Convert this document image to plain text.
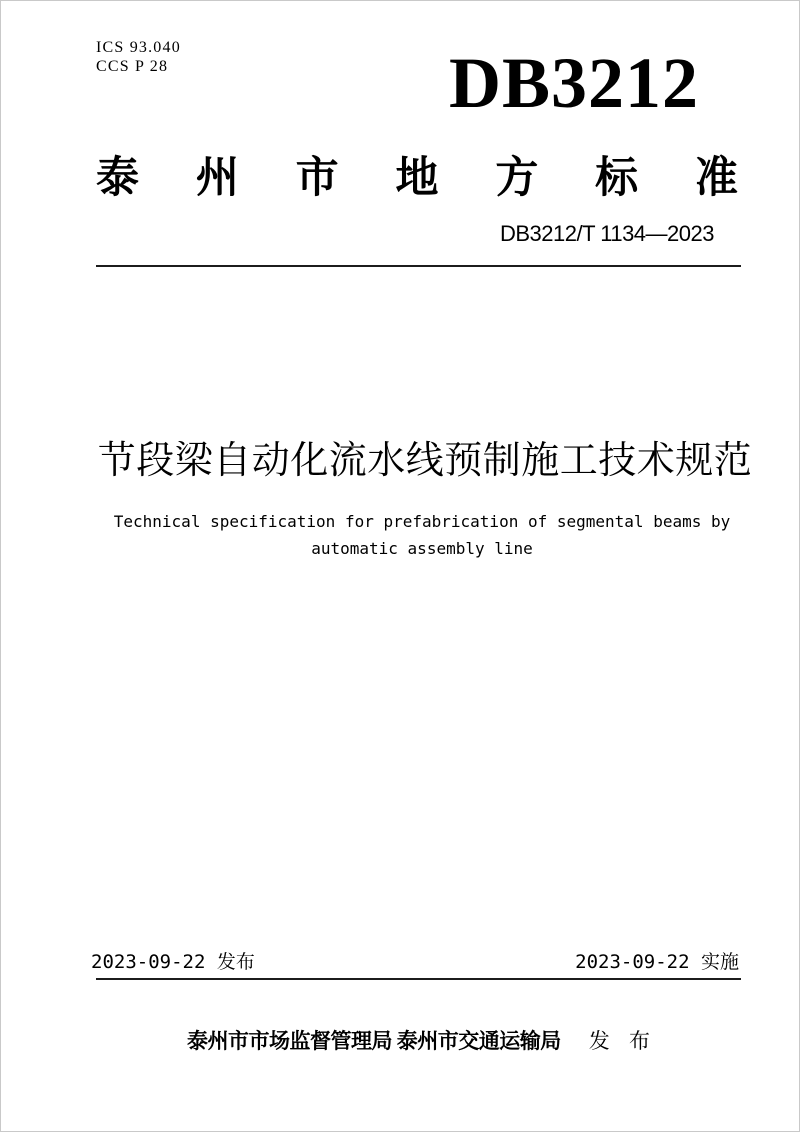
ICS 93.040
CCS P 28	DB3212
泰 州 市 地 方 标 准
DB3212/T 1134—2023
节段梁自动化流水线预制施工技术规范
Technical specification for prefabrication of segmental beams by
automatic assembly line
2023-09-22 发布	2023-09-22 实施
泰州市市场监督管理局 泰州市交通运输局 发 布
